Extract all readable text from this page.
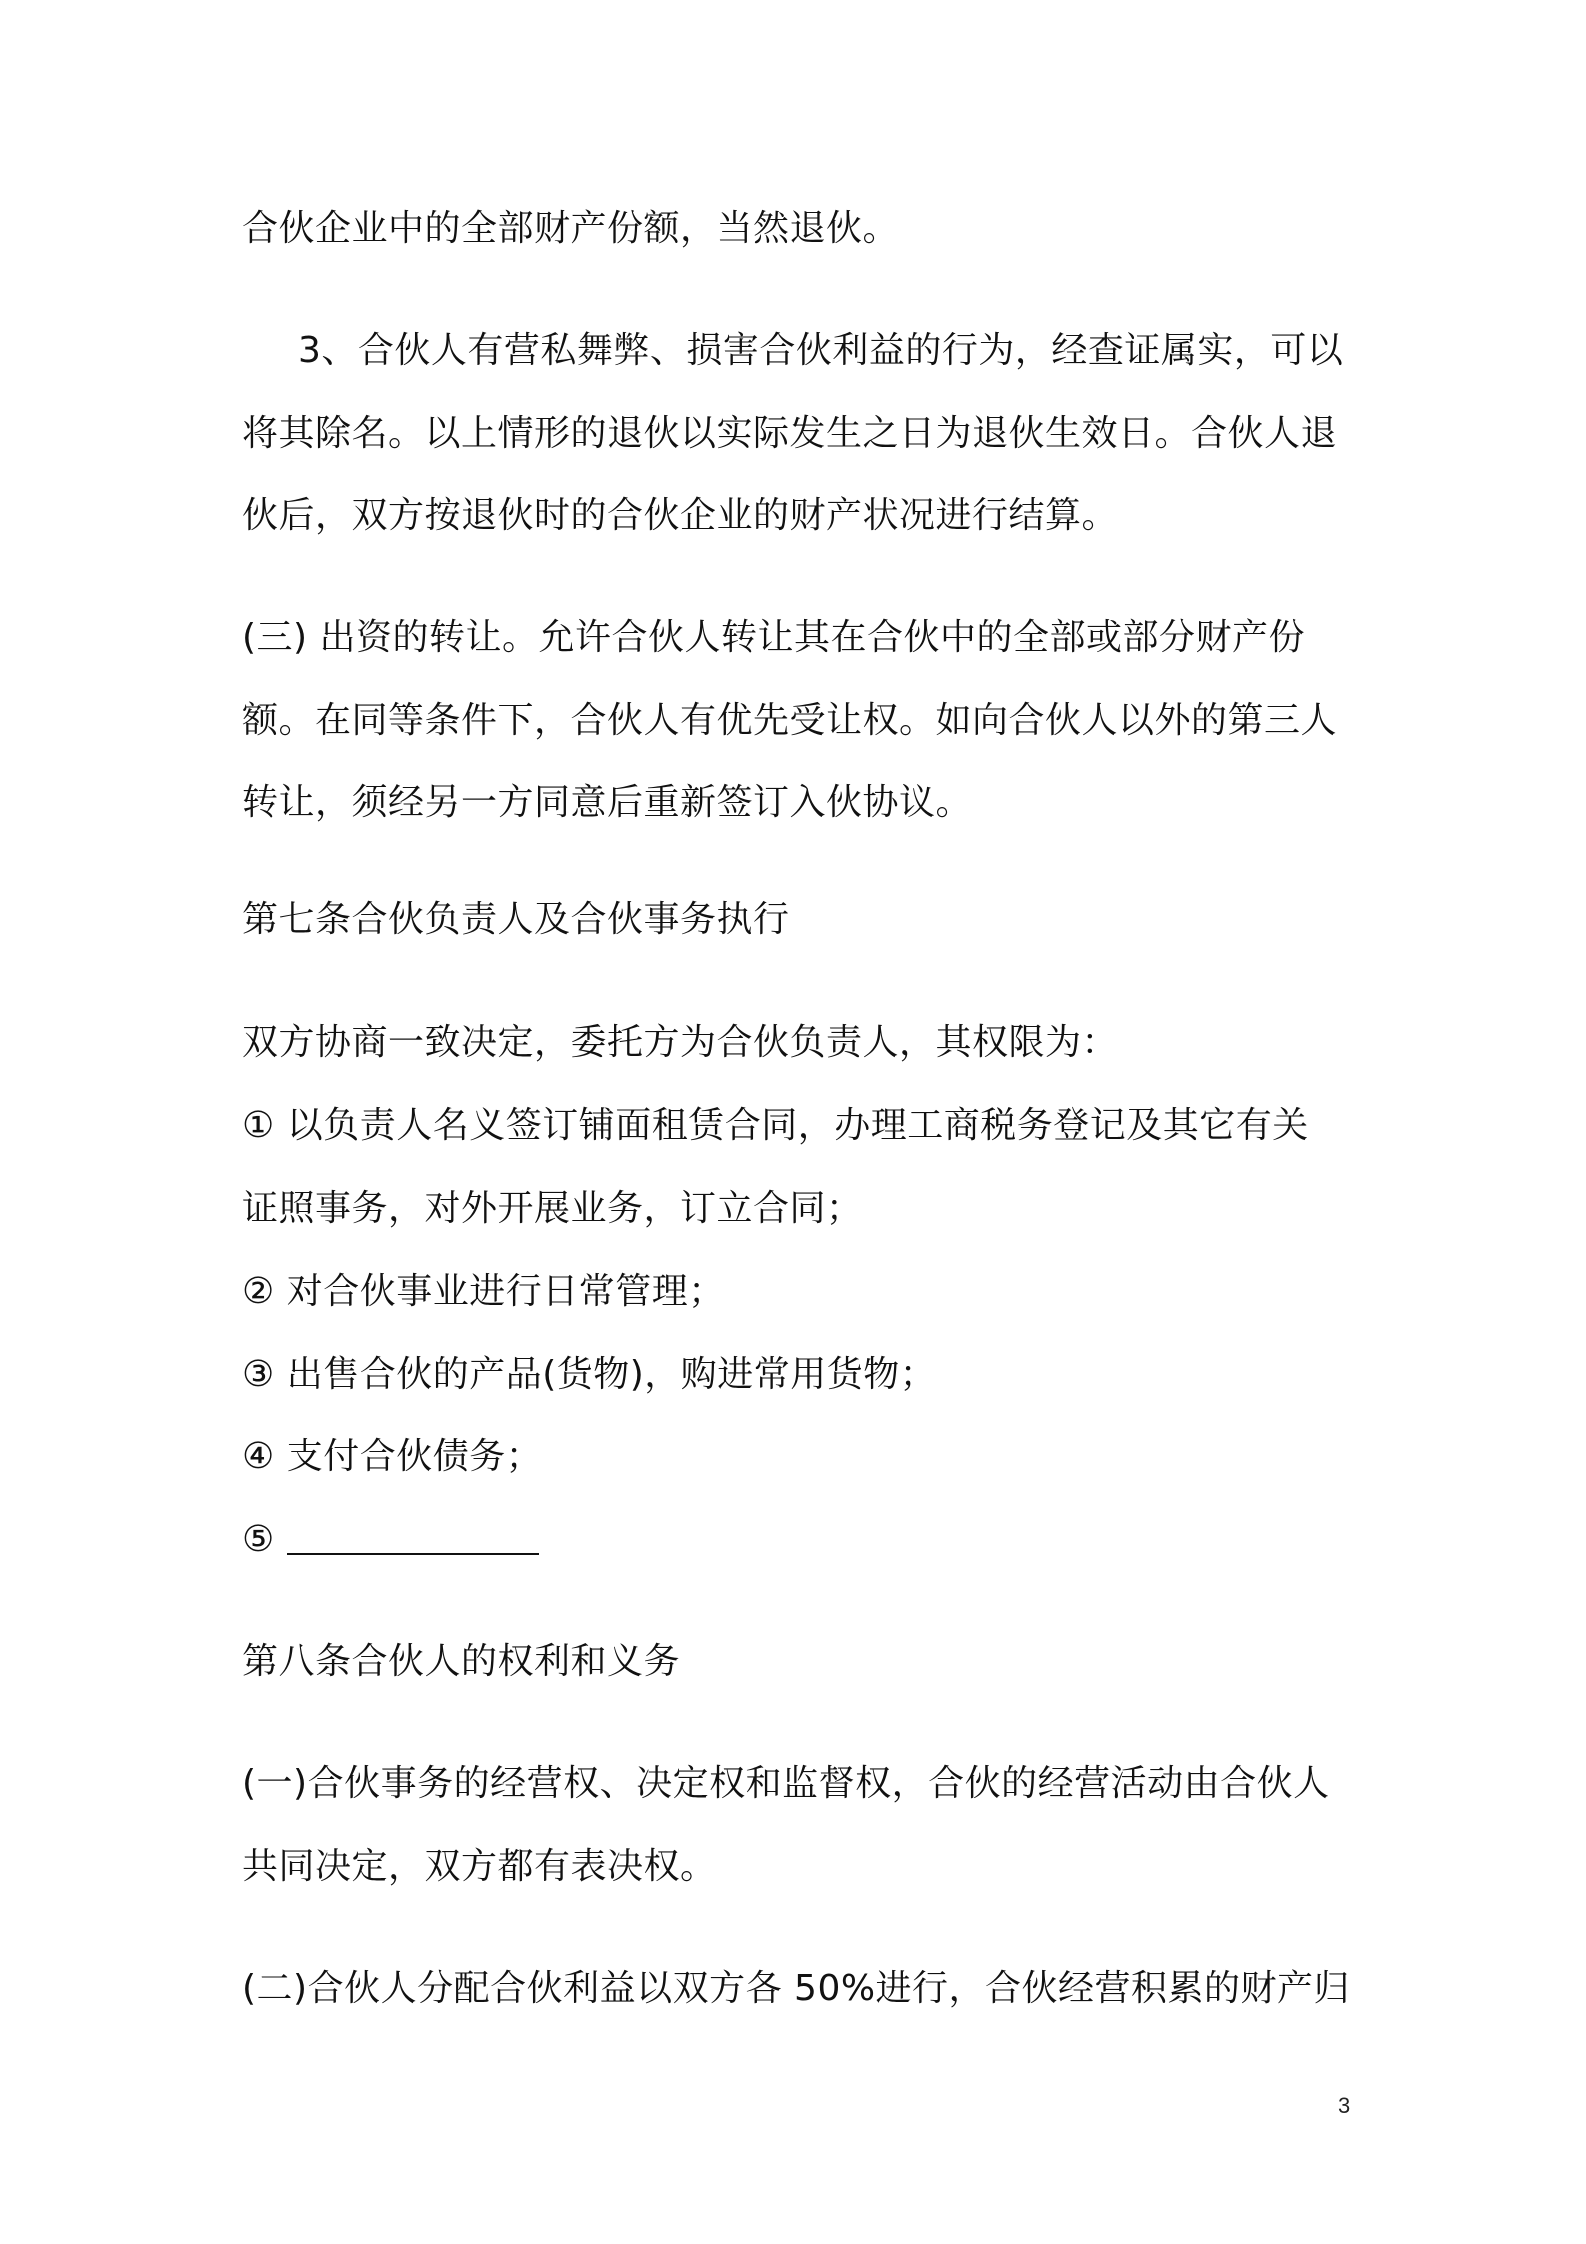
合伙企业中的全部财产份额，当然退伙。
3、合伙人有营私舞弊、损害合伙利益的行为，经查证属实，可以
将其除名。以上情形的退伙以实际发生之日为退伙生效日。合伙人退
伙后，双方按退伙时的合伙企业的财产状况进行结算。
(三) 出资的转让。允许合伙人转让其在合伙中的全部或部分财产份
额。在同等条件下，合伙人有优先受让权。如向合伙人以外的第三人
转让，须经另一方同意后重新签订入伙协议。
第七条合伙负责人及合伙事务执行
双方协商一致决定，委托方为合伙负责人，其权限为：
① 以负责人名义签订铺面租赁合同，办理工商税务登记及其它有关
证照事务，对外开展业务，订立合同；
② 对合伙事业进行日常管理；
③ 出售合伙的产品(货物)，购进常用货物；
④ 支付合伙债务；
⑤
第八条合伙人的权利和义务
(一)合伙事务的经营权、决定权和监督权，合伙的经营活动由合伙人
共同决定，双方都有表决权。
(二)合伙人分配合伙利益以双方各 50%进行，合伙经营积累的财产归
3
